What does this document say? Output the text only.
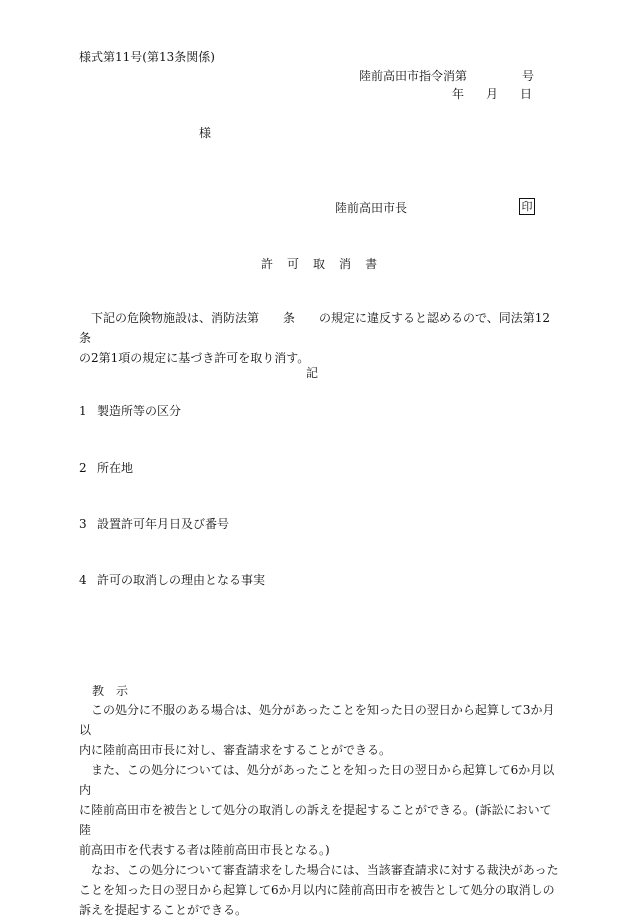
様式第11号(第13条関係)
陸前高田市指令消第	号
年 月 日
様
陸前高田市長	印
許 可 取 消 書

　下記の危険物施設は、消防法第　　条　　の規定に違反すると認めるので、同法第12条

の2第1項の規定に基づき許可を取り消す。

記
1 製造所等の区分
2 所在地
3 設置許可年月日及び番号
4 許可の取消しの理由となる事実
教 示

　この処分に不服のある場合は、処分があったことを知った日の翌日から起算して3か月以

内に陸前高田市長に対し、審査請求をすることができる。

　また、この処分については、処分があったことを知った日の翌日から起算して6か月以内

に陸前高田市を被告として処分の取消しの訴えを提起することができる。(訴訟において陸

前高田市を代表する者は陸前高田市長となる。)

　なお、この処分について審査請求をした場合には、当該審査請求に対する裁決があった

ことを知った日の翌日から起算して6か月以内に陸前高田市を被告として処分の取消しの

訴えを提起することができる。
